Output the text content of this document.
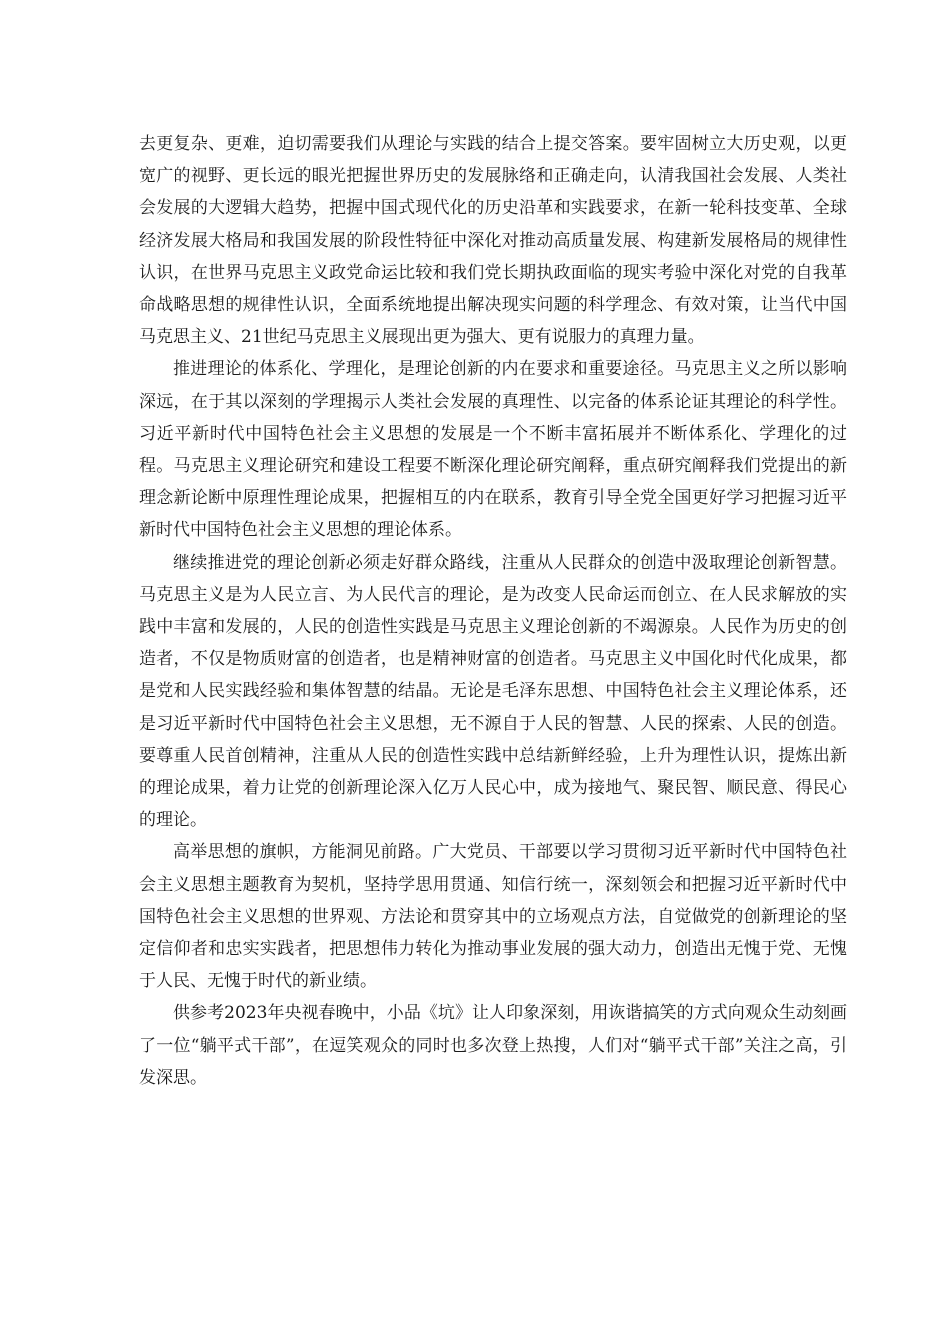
去更复杂、更难，迫切需要我们从理论与实践的结合上提交答案。要牢固树立大历史观，以更宽广的视野、更长远的眼光把握世界历史的发展脉络和正确走向，认清我国社会发展、人类社会发展的大逻辑大趋势，把握中国式现代化的历史沿革和实践要求，在新一轮科技变革、全球经济发展大格局和我国发展的阶段性特征中深化对推动高质量发展、构建新发展格局的规律性认识，在世界马克思主义政党命运比较和我们党长期执政面临的现实考验中深化对党的自我革命战略思想的规律性认识，全面系统地提出解决现实问题的科学理念、有效对策，让当代中国马克思主义、21世纪马克思主义展现出更为强大、更有说服力的真理力量。

推进理论的体系化、学理化，是理论创新的内在要求和重要途径。马克思主义之所以影响深远，在于其以深刻的学理揭示人类社会发展的真理性、以完备的体系论证其理论的科学性。习近平新时代中国特色社会主义思想的发展是一个不断丰富拓展并不断体系化、学理化的过程。马克思主义理论研究和建设工程要不断深化理论研究阐释，重点研究阐释我们党提出的新理念新论断中原理性理论成果，把握相互的内在联系，教育引导全党全国更好学习把握习近平新时代中国特色社会主义思想的理论体系。

继续推进党的理论创新必须走好群众路线，注重从人民群众的创造中汲取理论创新智慧。马克思主义是为人民立言、为人民代言的理论，是为改变人民命运而创立、在人民求解放的实践中丰富和发展的，人民的创造性实践是马克思主义理论创新的不竭源泉。人民作为历史的创造者，不仅是物质财富的创造者，也是精神财富的创造者。马克思主义中国化时代化成果，都是党和人民实践经验和集体智慧的结晶。无论是毛泽东思想、中国特色社会主义理论体系，还是习近平新时代中国特色社会主义思想，无不源自于人民的智慧、人民的探索、人民的创造。要尊重人民首创精神，注重从人民的创造性实践中总结新鲜经验，上升为理性认识，提炼出新的理论成果，着力让党的创新理论深入亿万人民心中，成为接地气、聚民智、顺民意、得民心的理论。

高举思想的旗帜，方能洞见前路。广大党员、干部要以学习贯彻习近平新时代中国特色社会主义思想主题教育为契机，坚持学思用贯通、知信行统一，深刻领会和把握习近平新时代中国特色社会主义思想的世界观、方法论和贯穿其中的立场观点方法，自觉做党的创新理论的坚定信仰者和忠实实践者，把思想伟力转化为推动事业发展的强大动力，创造出无愧于党、无愧于人民、无愧于时代的新业绩。

供参考2023年央视春晚中，小品《坑》让人印象深刻，用诙谐搞笑的方式向观众生动刻画了一位“躺平式干部”，在逗笑观众的同时也多次登上热搜，人们对“躺平式干部”关注之高，引发深思。
